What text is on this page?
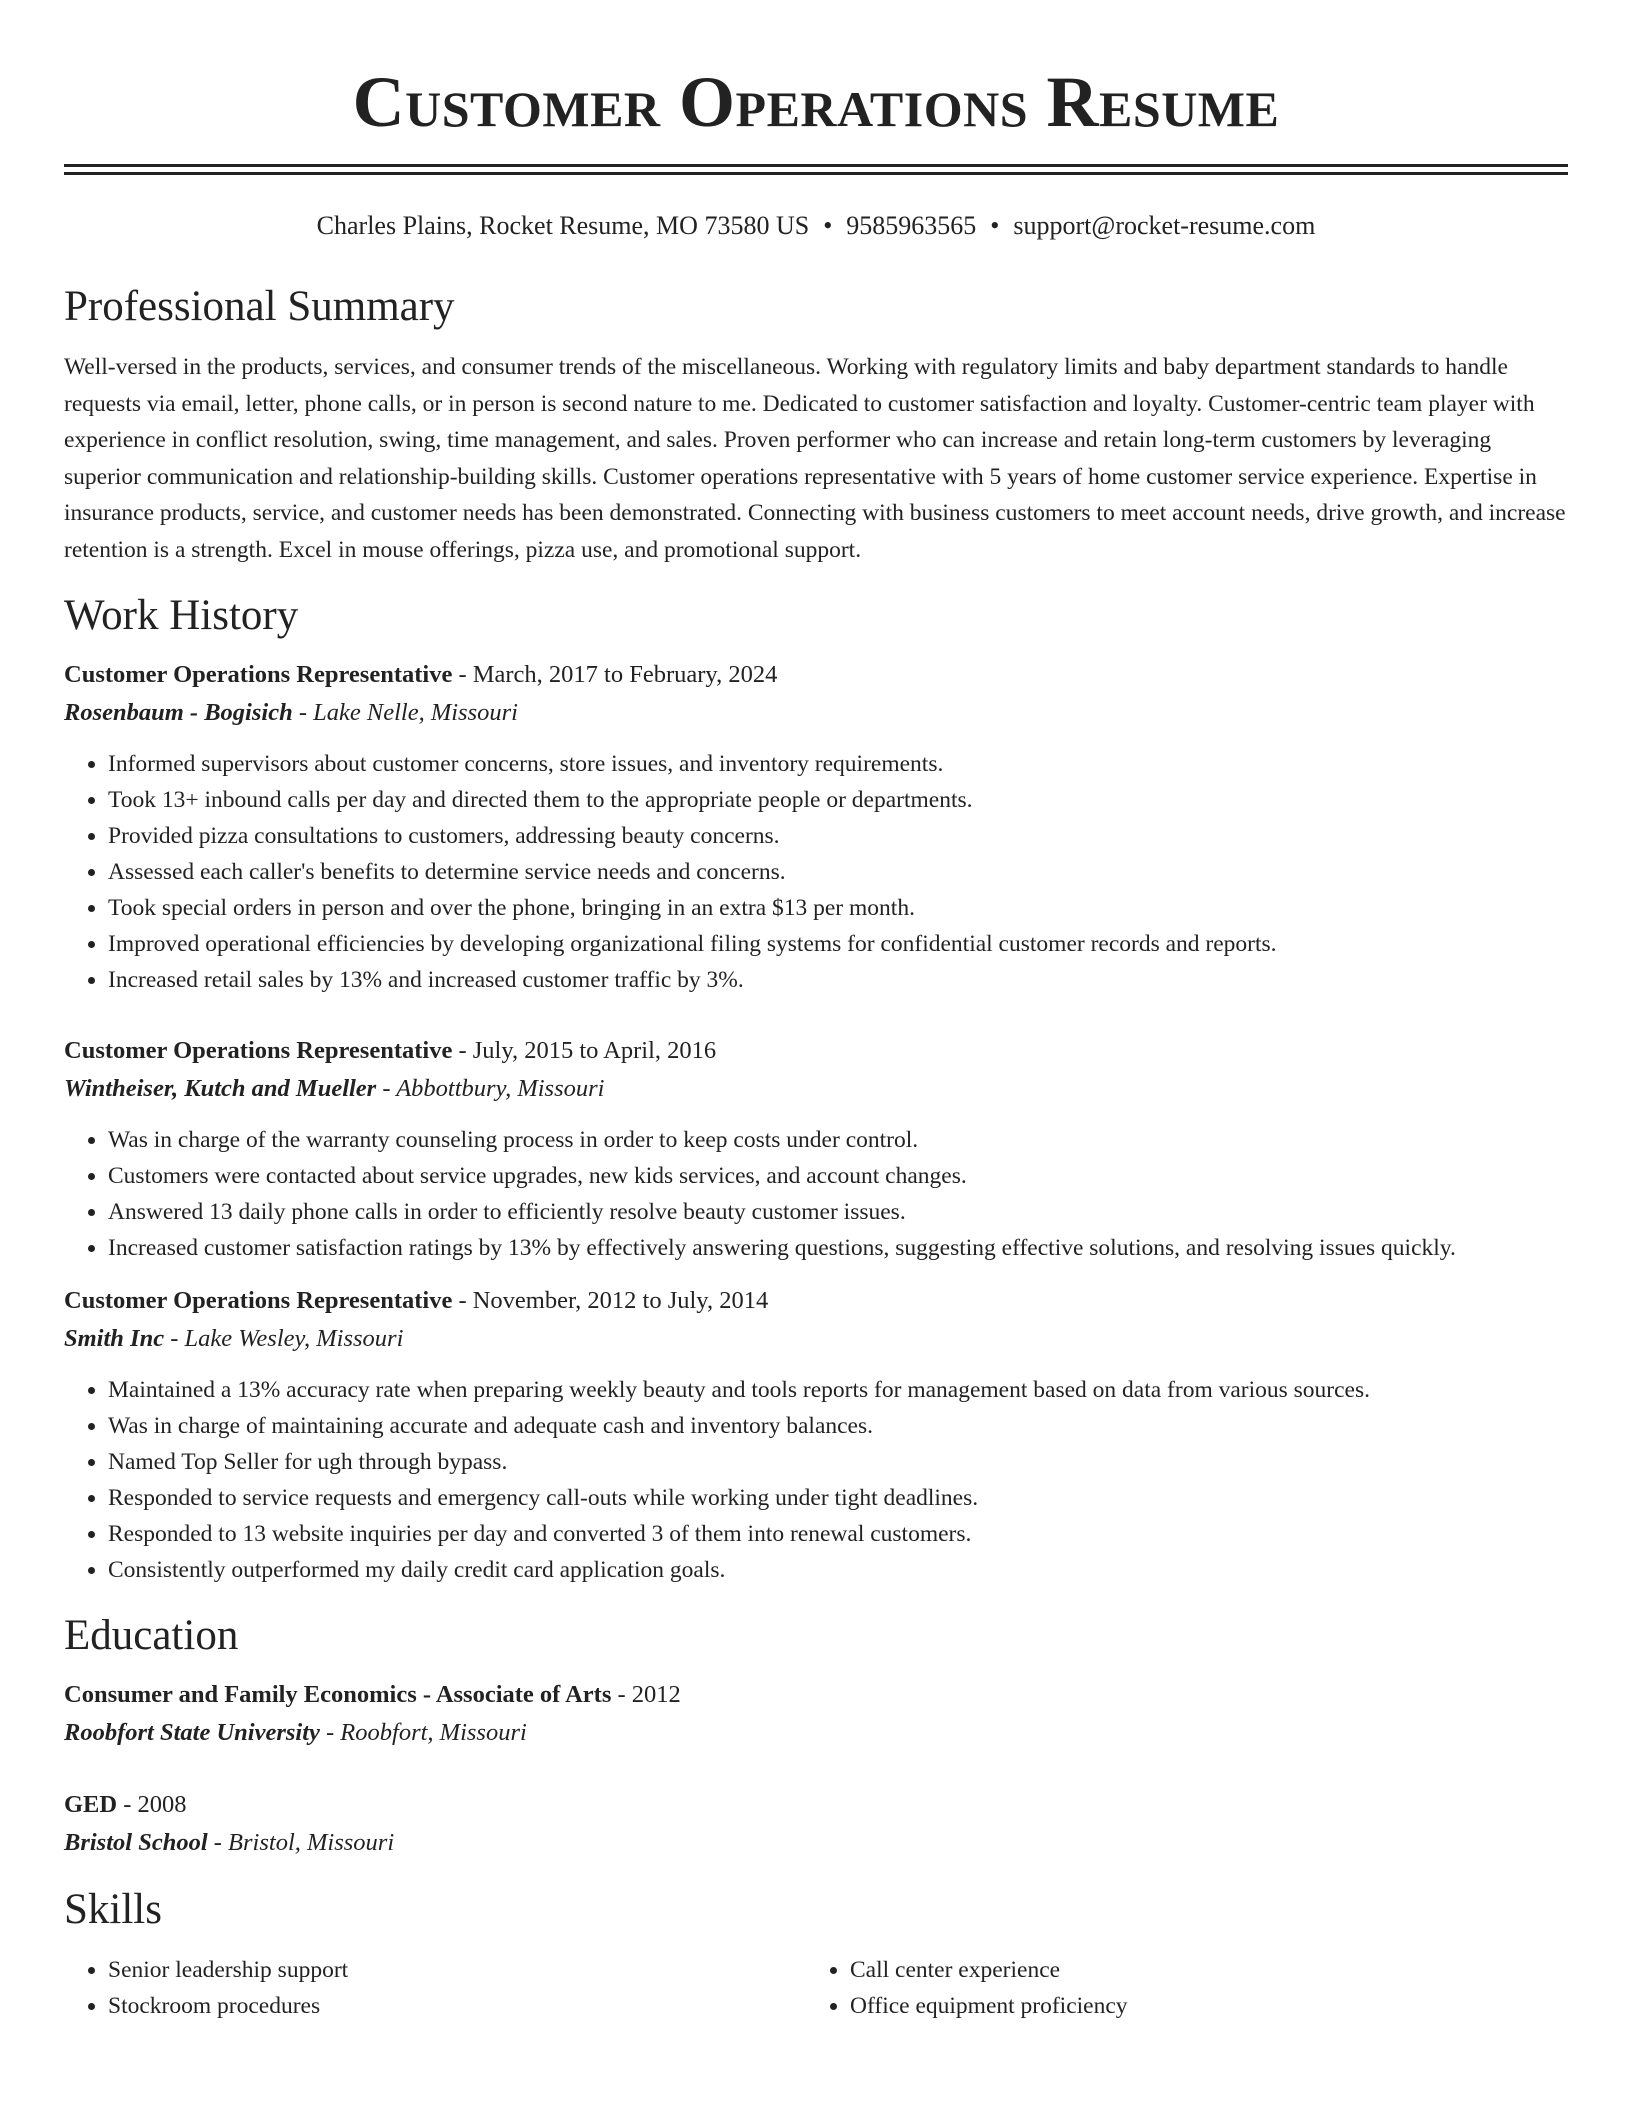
Customer Operations Resume
Charles Plains, Rocket Resume, MO 73580 US • 9585963565 • support@rocket-resume.com
Professional Summary

Well-versed in the products, services, and consumer trends of the miscellaneous. Working with regulatory limits and baby department standards to handle requests via email, letter, phone calls, or in person is second nature to me. Dedicated to customer satisfaction and loyalty. Customer-centric team player with experience in conflict resolution, swing, time management, and sales. Proven performer who can increase and retain long-term customers by leveraging superior communication and relationship-building skills. Customer operations representative with 5 years of home customer service experience. Expertise in insurance products, service, and customer needs has been demonstrated. Connecting with business customers to meet account needs, drive growth, and increase retention is a strength. Excel in mouse offerings, pizza use, and promotional support.

Work History
Customer Operations Representative - March, 2017 to February, 2024
Rosenbaum - Bogisich - Lake Nelle, Missouri
• Informed supervisors about customer concerns, store issues, and inventory requirements.
• Took 13+ inbound calls per day and directed them to the appropriate people or departments.
• Provided pizza consultations to customers, addressing beauty concerns.
• Assessed each caller's benefits to determine service needs and concerns.
• Took special orders in person and over the phone, bringing in an extra $13 per month.
• Improved operational efficiencies by developing organizational filing systems for confidential customer records and reports.
• Increased retail sales by 13% and increased customer traffic by 3%.
Customer Operations Representative - July, 2015 to April, 2016
Wintheiser, Kutch and Mueller - Abbottbury, Missouri
• Was in charge of the warranty counseling process in order to keep costs under control.
• Customers were contacted about service upgrades, new kids services, and account changes.
• Answered 13 daily phone calls in order to efficiently resolve beauty customer issues.
• Increased customer satisfaction ratings by 13% by effectively answering questions, suggesting effective solutions, and resolving issues quickly.
Customer Operations Representative - November, 2012 to July, 2014
Smith Inc - Lake Wesley, Missouri
• Maintained a 13% accuracy rate when preparing weekly beauty and tools reports for management based on data from various sources.
• Was in charge of maintaining accurate and adequate cash and inventory balances.
• Named Top Seller for ugh through bypass.
• Responded to service requests and emergency call-outs while working under tight deadlines.
• Responded to 13 website inquiries per day and converted 3 of them into renewal customers.
• Consistently outperformed my daily credit card application goals.
Education
Consumer and Family Economics - Associate of Arts - 2012
Roobfort State University - Roobfort, Missouri
GED - 2008
Bristol School - Bristol, Missouri
Skills
• Senior leadership support
• Stockroom procedures
• Call center experience
• Office equipment proficiency
